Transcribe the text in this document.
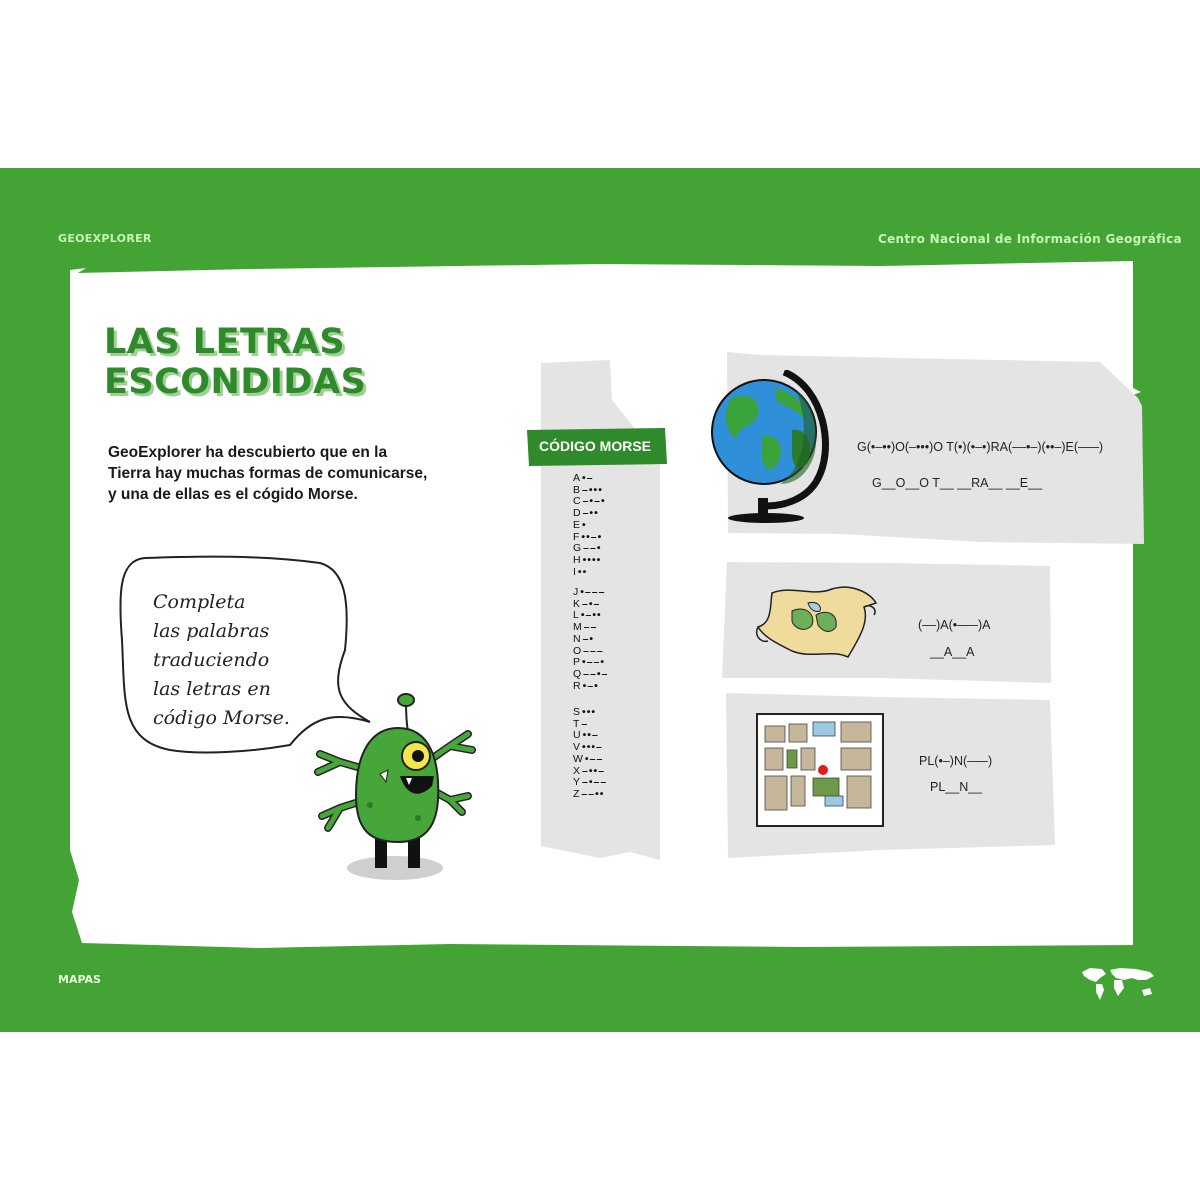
GEOEXPLORER	Centro Nacional de Información Geográfica
LAS LETRAS
ESCONDIDAS
GeoExplorer ha descubierto que en la
Tierra hay muchas formas de comunicarse,
y una de ellas es el cógido Morse.
Completa
las palabras
traduciendo
las letras en
código Morse.
CÓDIGO MORSE
A •–
B –•••
C –•–•
D –••
E •
F ••–•
G ––•
H ••••
I ••
J •–––
K –•–
L •–••
M ––
N –•
O –––
P •––•
Q ––•–
R •–•
S •••
T –
U ••–
V •••–
W •––
X –••–
Y –•––
Z ––••
G(•–••)O(–•••)O T(•)(•–•)RA(––•–)(••–)E(–––)
G__O__O T__ __RA__ __E__
(––)A(•–––)A
__A__A
PL(•–)N(–––)
PL__N__
MAPAS
